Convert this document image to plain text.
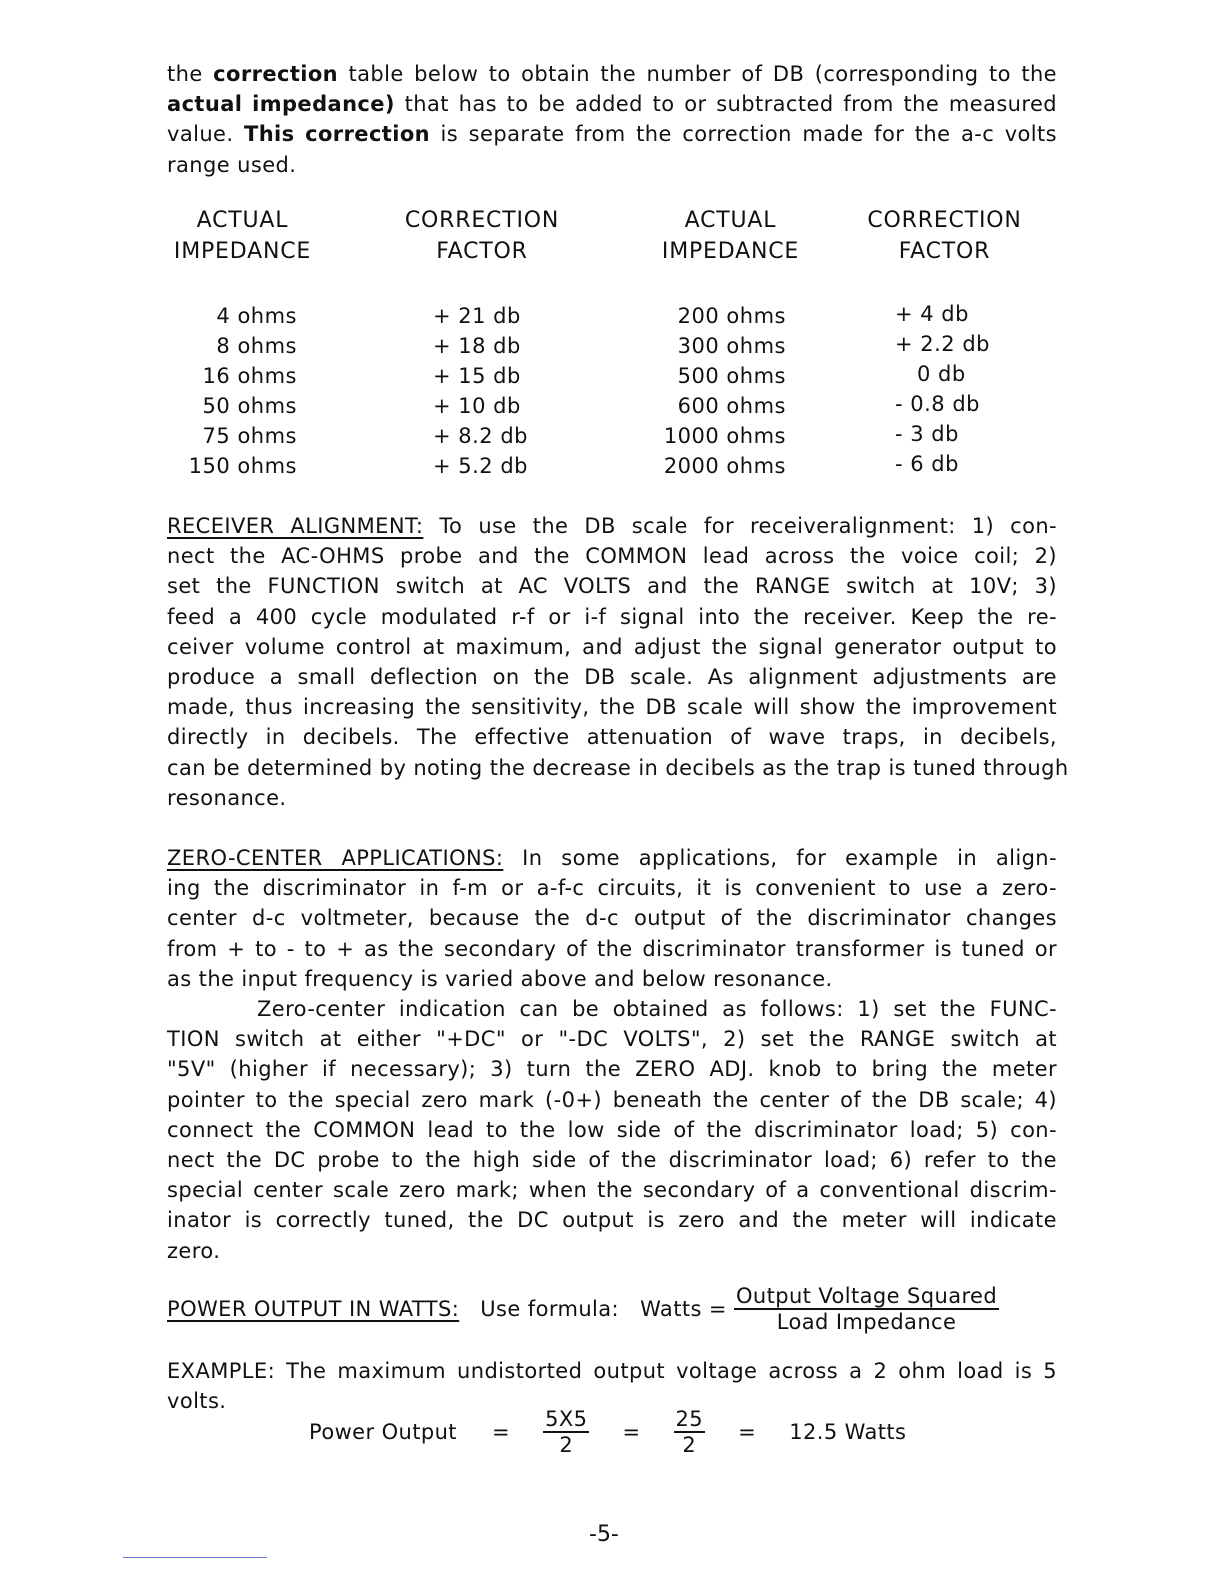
the correction table below to obtain the number of DB (corresponding to the
actual impedance) that has to be added to or subtracted from the measured
value. This correction is separate from the correction made for the a-c volts
range used.
ACTUAL
IMPEDANCE
CORRECTION
FACTOR
ACTUAL
IMPEDANCE
CORRECTION
FACTOR
4 ohms
8 ohms
16 ohms
50 ohms
75 ohms
150 ohms
+ 21 db
+ 18 db
+ 15 db
+ 10 db
+ 8.2 db
+ 5.2 db
200 ohms
300 ohms
500 ohms
600 ohms
1000 ohms
2000 ohms
+ 4 db
+ 2.2 db
0 db
- 0.8 db
- 3 db
- 6 db
RECEIVER ALIGNMENT: To use the DB scale for receiveralignment: 1) con-
nect the AC-OHMS probe and the COMMON lead across the voice coil; 2)
set the FUNCTION switch at AC VOLTS and the RANGE switch at 10V; 3)
feed a 400 cycle modulated r-f or i-f signal into the receiver. Keep the re-
ceiver volume control at maximum, and adjust the signal generator output to
produce a small deflection on the DB scale. As alignment adjustments are
made, thus increasing the sensitivity, the DB scale will show the improvement
directly in decibels. The effective attenuation of wave traps, in decibels,
can be determined by noting the decrease in decibels as the trap is tuned through
resonance.
ZERO-CENTER APPLICATIONS: In some applications, for example in align-
ing the discriminator in f-m or a-f-c circuits, it is convenient to use a zero-
center d-c voltmeter, because the d-c output of the discriminator changes
from + to - to + as the secondary of the discriminator transformer is tuned or
as the input frequency is varied above and below resonance.
Zero-center indication can be obtained as follows: 1) set the FUNC-
TION switch at either "+DC" or "-DC VOLTS", 2) set the RANGE switch at
"5V" (higher if necessary); 3) turn the ZERO ADJ. knob to bring the meter
pointer to the special zero mark (-0+) beneath the center of the DB scale; 4)
connect the COMMON lead to the low side of the discriminator load; 5) con-
nect the DC probe to the high side of the discriminator load; 6) refer to the
special center scale zero mark; when the secondary of a conventional discrim-
inator is correctly tuned, the DC output is zero and the meter will indicate
zero.
POWER OUTPUT IN WATTS: Use formula: Watts = $\frac{\text{Output Voltage Squared}}{\text{Load Impedance}}$
EXAMPLE: The maximum undistorted output voltage across a 2 ohm load is 5
volts.
Power Output = $\frac{5X5}{2} = \frac{25}{2} = 12.5$ Watts
-5-
